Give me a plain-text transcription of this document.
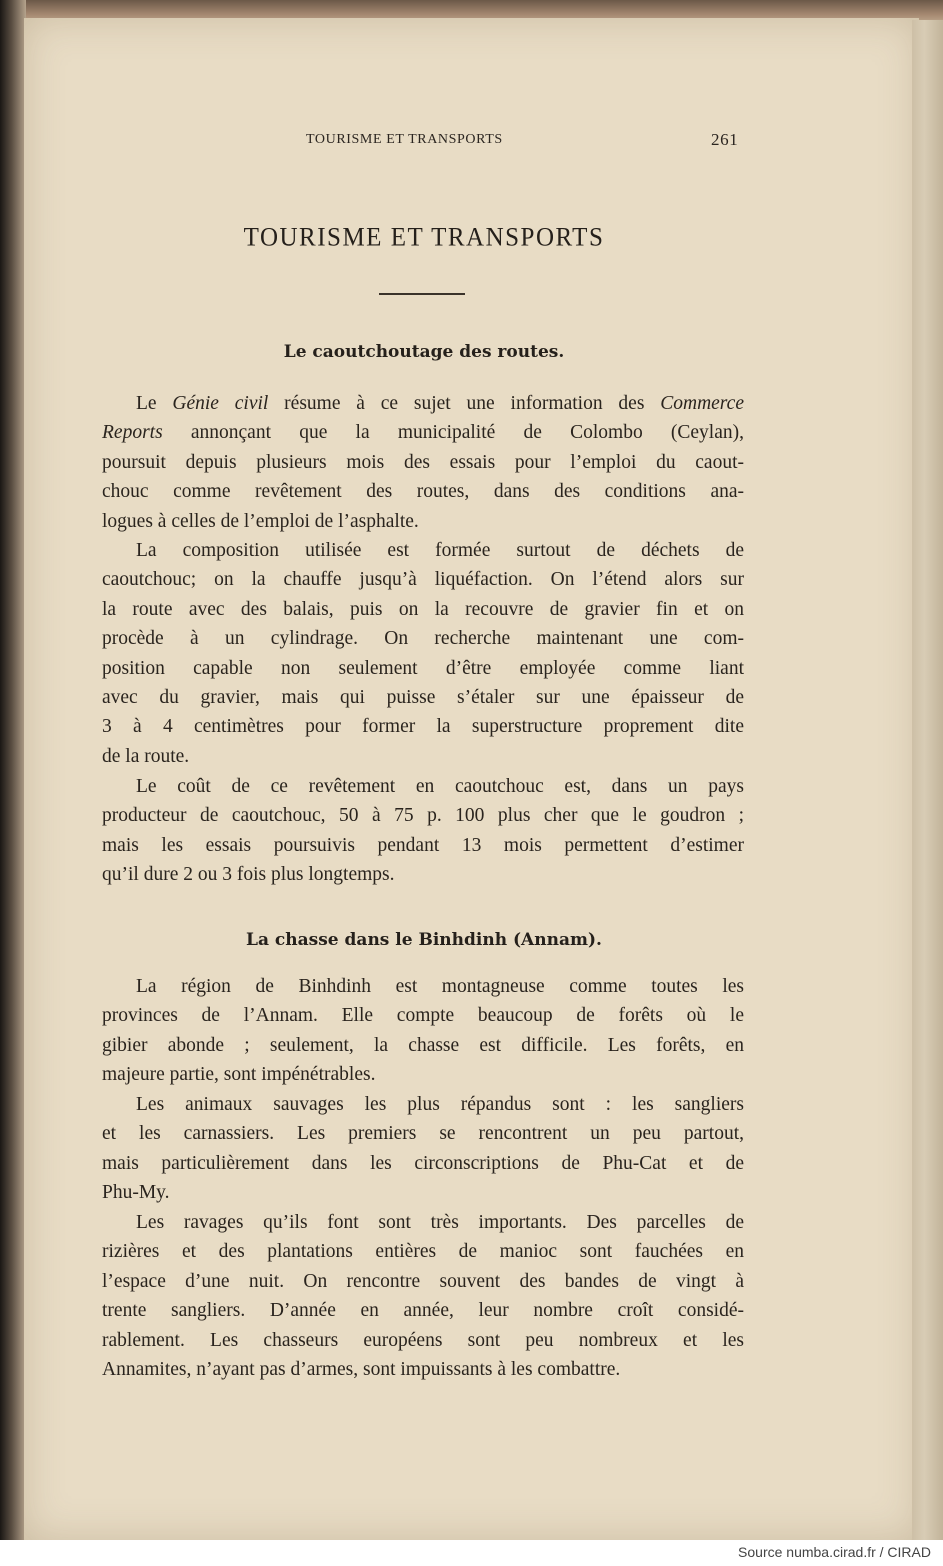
TOURISME ET TRANSPORTS	261
TOURISME ET TRANSPORTS
Le caoutchoutage des routes.
Le Génie civil résume à ce sujet une information des Commerce
Reports annonçant que la municipalité de Colombo (Ceylan),
poursuit depuis plusieurs mois des essais pour l’emploi du caout-
chouc comme revêtement des routes, dans des conditions ana-
logues à celles de l’emploi de l’asphalte.
La composition utilisée est formée surtout de déchets de
caoutchouc; on la chauffe jusqu’à liquéfaction. On l’étend alors sur
la route avec des balais, puis on la recouvre de gravier fin et on
procède à un cylindrage. On recherche maintenant une com-
position capable non seulement d’être employée comme liant
avec du gravier, mais qui puisse s’étaler sur une épaisseur de
3 à 4 centimètres pour former la superstructure proprement dite
de la route.
Le coût de ce revêtement en caoutchouc est, dans un pays
producteur de caoutchouc, 50 à 75 p. 100 plus cher que le goudron ;
mais les essais poursuivis pendant 13 mois permettent d’estimer
qu’il dure 2 ou 3 fois plus longtemps.
La chasse dans le Binhdinh (Annam).
La région de Binhdinh est montagneuse comme toutes les
provinces de l’Annam. Elle compte beaucoup de forêts où le
gibier abonde ; seulement, la chasse est difficile. Les forêts, en
majeure partie, sont impénétrables.
Les animaux sauvages les plus répandus sont : les sangliers
et les carnassiers. Les premiers se rencontrent un peu partout,
mais particulièrement dans les circonscriptions de Phu-Cat et de
Phu-My.
Les ravages qu’ils font sont très importants. Des parcelles de
rizières et des plantations entières de manioc sont fauchées en
l’espace d’une nuit. On rencontre souvent des bandes de vingt à
trente sangliers. D’année en année, leur nombre croît considé-
rablement. Les chasseurs européens sont peu nombreux et les
Annamites, n’ayant pas d’armes, sont impuissants à les combattre.
Source numba.cirad.fr / CIRAD
